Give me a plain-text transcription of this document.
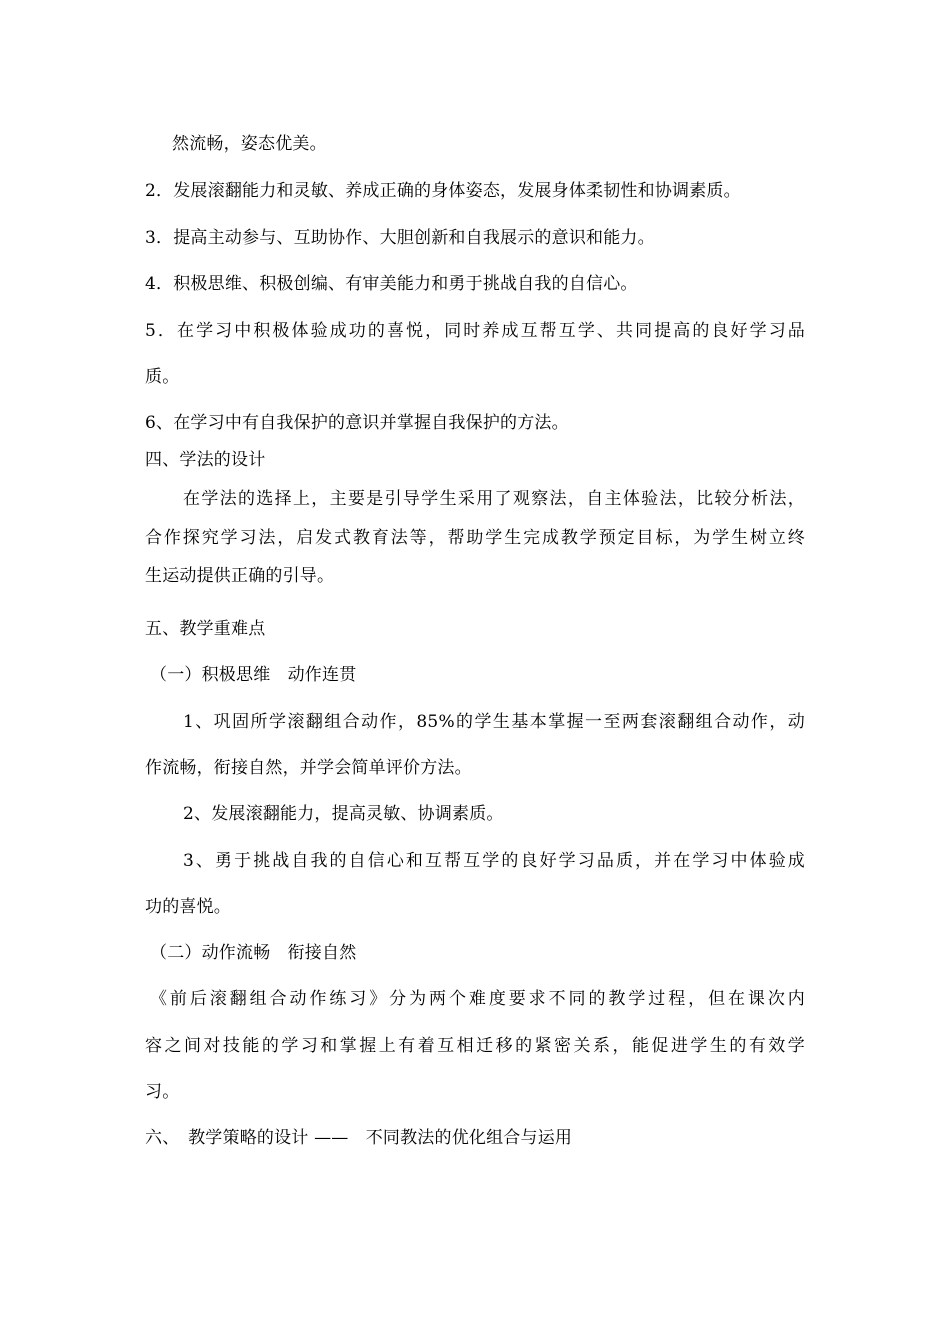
然流畅，姿态优美。
2．发展滚翻能力和灵敏、养成正确的身体姿态，发展身体柔韧性和协调素质。
3．提高主动参与、互助协作、大胆创新和自我展示的意识和能力。
4．积极思维、积极创编、有审美能力和勇于挑战自我的自信心。
5．在学习中积极体验成功的喜悦，同时养成互帮互学、共同提高的良好学习品
质。
6、在学习中有自我保护的意识并掌握自我保护的方法。
四、学法的设计
在学法的选择上，主要是引导学生采用了观察法，自主体验法，比较分析法，
合作探究学习法，启发式教育法等，帮助学生完成教学预定目标，为学生树立终
生运动提供正确的引导。
五、教学重难点
（一）积极思维　动作连贯
1、巩固所学滚翻组合动作，85%的学生基本掌握一至两套滚翻组合动作，动
作流畅，衔接自然，并学会简单评价方法。
2、发展滚翻能力，提高灵敏、协调素质。
3、勇于挑战自我的自信心和互帮互学的良好学习品质，并在学习中体验成
功的喜悦。
（二）动作流畅　衔接自然
《前后滚翻组合动作练习》分为两个难度要求不同的教学过程，但在课次内
容之间对技能的学习和掌握上有着互相迁移的紧密关系，能促进学生的有效学
习。
六、　教学策略的设计 ——　不同教法的优化组合与运用
